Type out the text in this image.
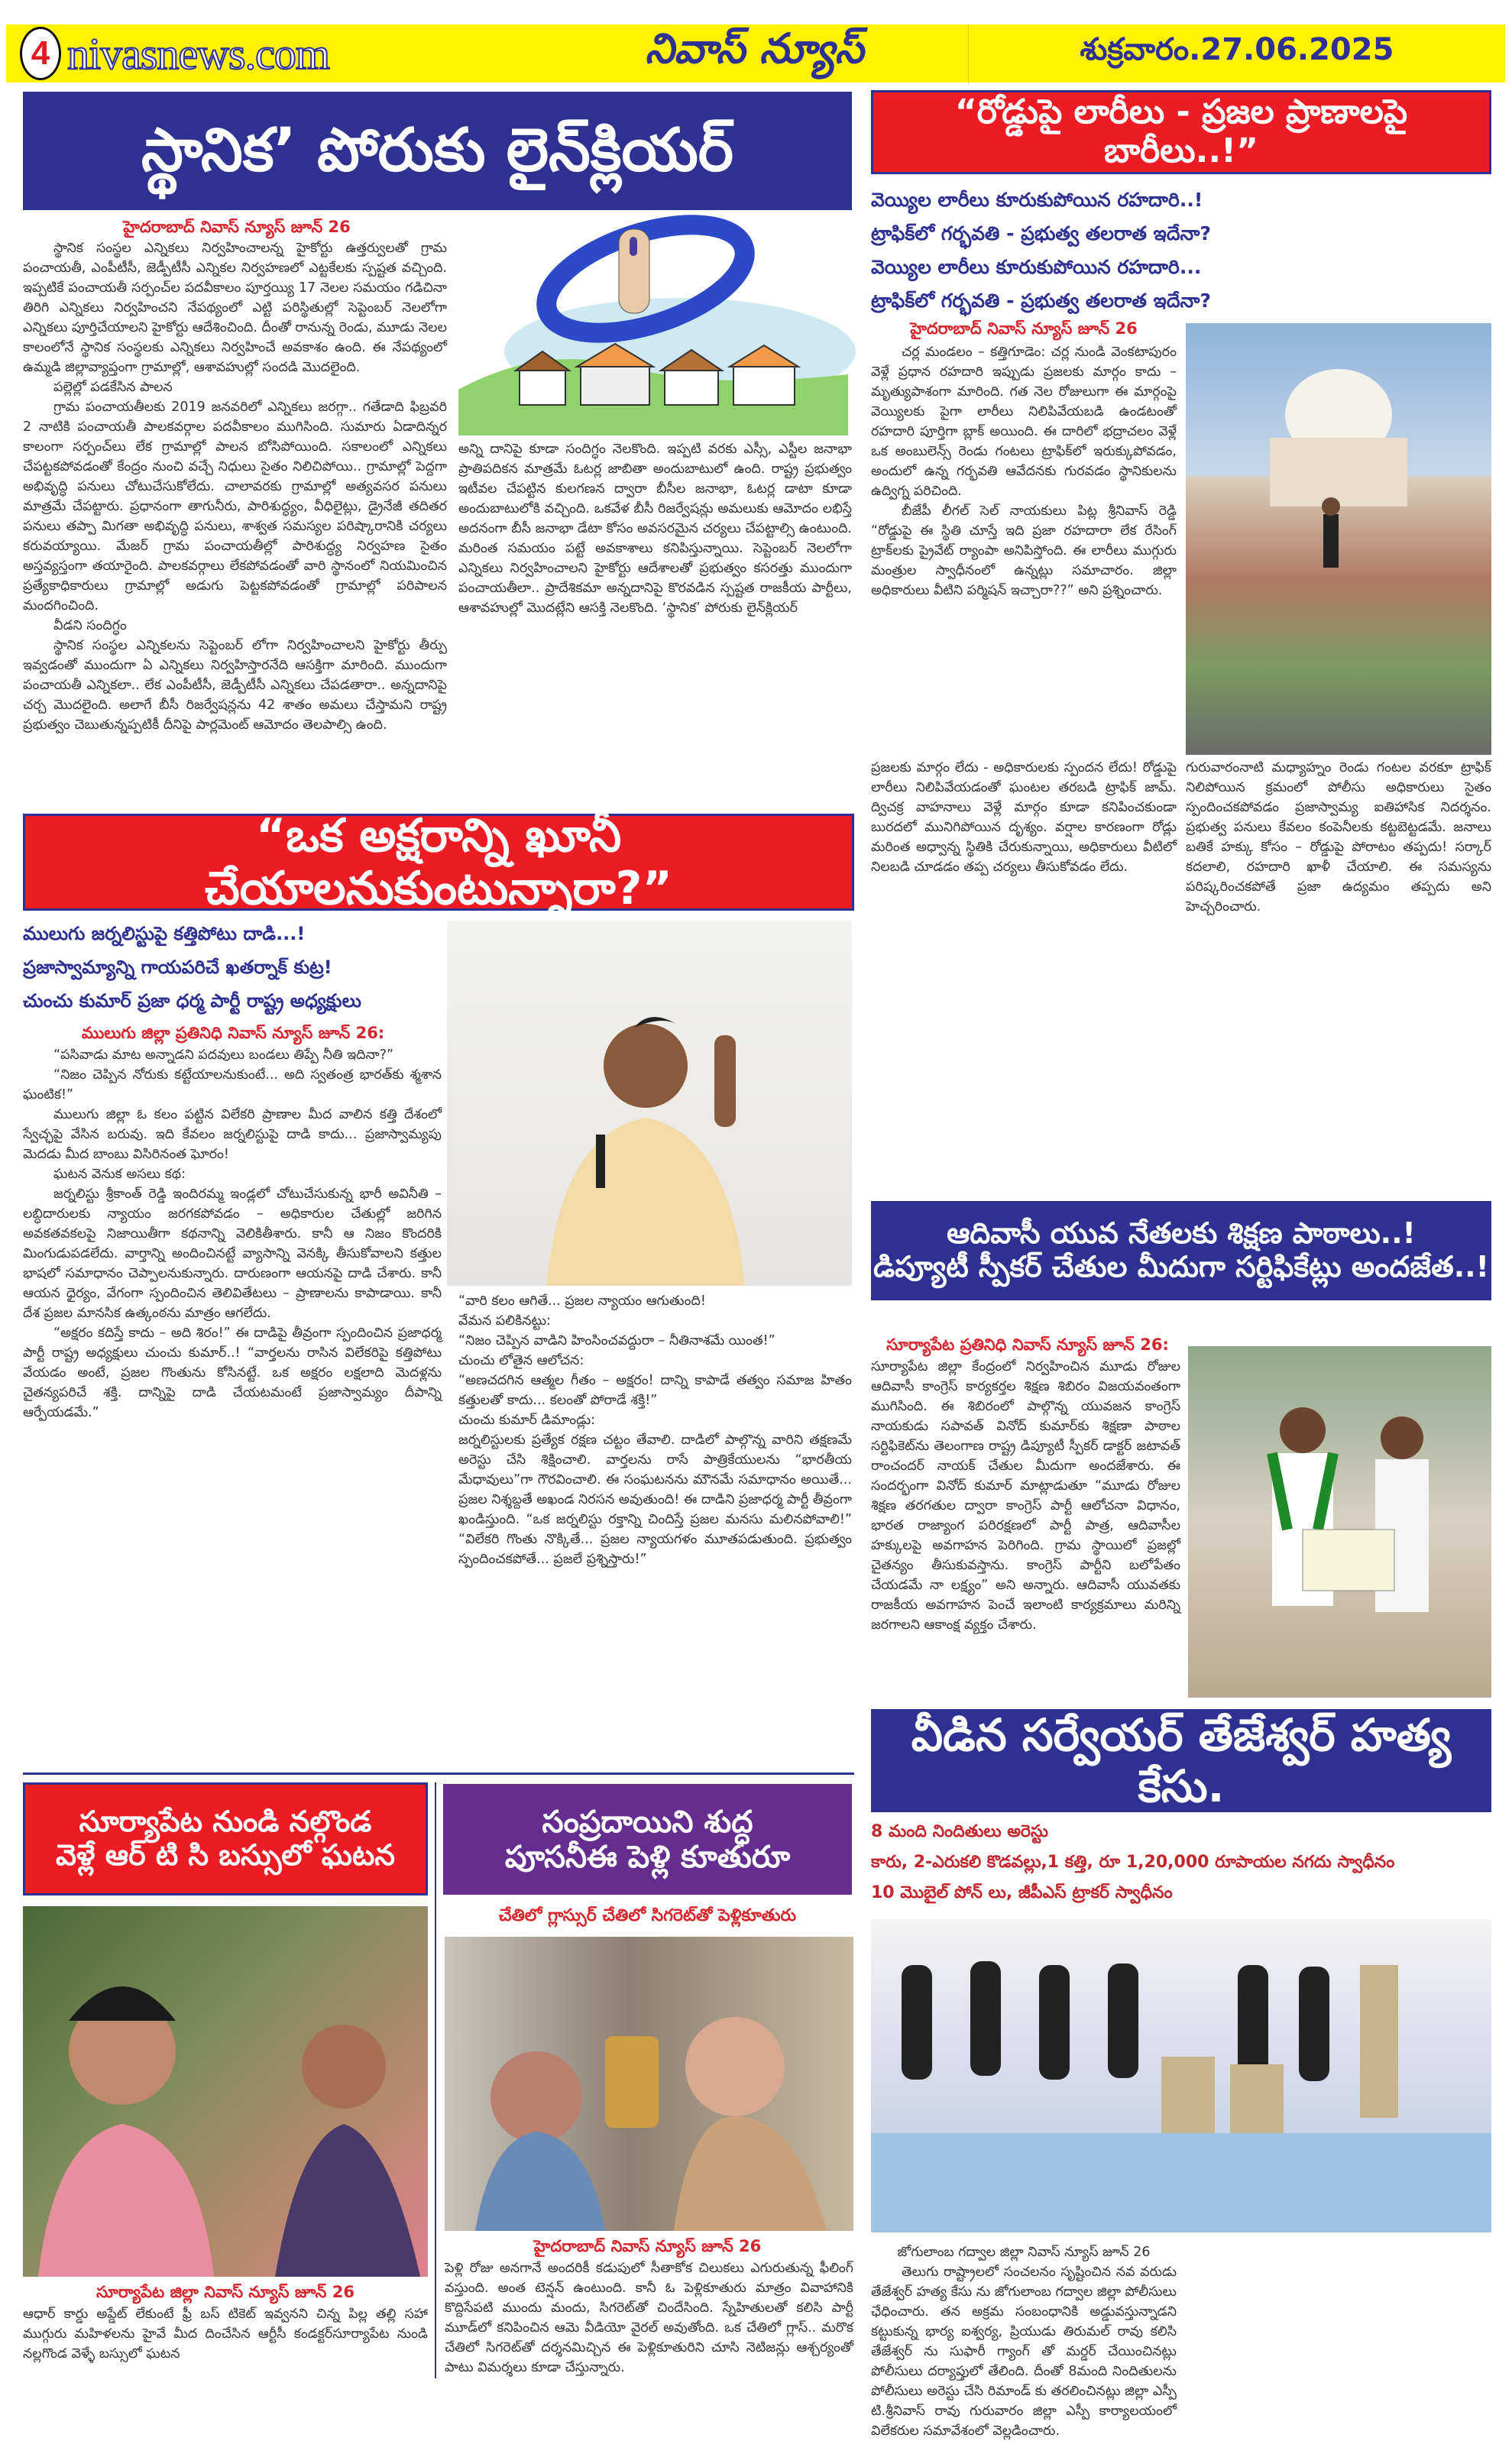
4 nivasnews.com	నివాస్ న్యూస్	శుక్రవారం.27.06.2025
స్థానిక’ పోరుకు లైన్‌క్లియర్
హైదరాబాద్ నివాస్ న్యూస్ జూన్ 26

స్థానిక సంస్థల ఎన్నికలు నిర్వహించాలన్న హైకోర్టు ఉత్తర్వులతో గ్రామ పంచాయతీ, ఎంపీటీసీ, జెడ్పీటీసీ ఎన్నికల నిర్వహణలో ఎట్టకేలకు స్పష్టత వచ్చింది. ఇప్పటికే పంచాయతీ సర్పంచ్‌ల పదవీకాలం పూర్తయ్యి 17 నెలల సమయం గడిచినా తిరిగి ఎన్నికలు నిర్వహించని నేపథ్యంలో ఎట్టి పరిస్థితుల్లో సెప్టెంబర్ నెలలోగా ఎన్నికలు పూర్తిచేయాలని హైకోర్టు ఆదేశించింది. దీంతో రానున్న రెండు, మూడు నెలల కాలంలోనే స్థానిక సంస్థలకు ఎన్నికలు నిర్వహించే అవకాశం ఉంది. ఈ నేపథ్యంలో ఉమ్మడి జిల్లావ్యాప్తంగా గ్రామాల్లో, ఆశావహుల్లో సందడి మొదలైంది.

పల్లెల్లో పడకేసిన పాలన

గ్రామ పంచాయతీలకు 2019 జనవరిలో ఎన్నికలు జరగ్గా.. గతేడాది ఫిబ్రవరి 2 నాటికి పంచాయతీ పాలకవర్గాల పదవీకాలం ముగిసింది. సుమారు ఏడాదిన్నర కాలంగా సర్పంచ్‌లు లేక గ్రామాల్లో పాలన బోసిపోయింది. సకాలంలో ఎన్నికలు చేపట్టకపోవడంతో కేంద్రం నుంచి వచ్చే నిధులు సైతం నిలిచిపోయి.. గ్రామాల్లో పెద్దగా అభివృద్ధి పనులు చోటుచేసుకోలేదు. చాలావరకు గ్రామాల్లో అత్యవసర పనులు మాత్రమే చేపట్టారు. ప్రధానంగా తాగునీరు, పారిశుద్ధ్యం, వీధిలైట్లు, డ్రైనేజీ తదితర పనులు తప్పా మిగతా అభివృద్ధి పనులు, శాశ్వత సమస్యల పరిష్కారానికి చర్యలు కరువయ్యాయి. మేజర్ గ్రామ పంచాయతీల్లో పారిశుద్ధ్య నిర్వహణ సైతం అస్తవ్యస్తంగా తయారైంది. పాలకవర్గాలు లేకపోవడంతో వారి స్థానంలో నియమించిన ప్రత్యేకాధికారులు గ్రామాల్లో అడుగు పెట్టకపోవడంతో గ్రామాల్లో పరిపాలన మందగించింది.

వీడని సందిగ్ధం

స్థానిక సంస్థల ఎన్నికలను సెప్టెంబర్ లోగా నిర్వహించాలని హైకోర్టు తీర్పు ఇవ్వడంతో ముందుగా ఏ ఎన్నికలు నిర్వహిస్తారనేది ఆసక్తిగా మారింది. ముందుగా పంచాయతీ ఎన్నికలా.. లేక ఎంపీటీసీ, జెడ్పీటీసీ ఎన్నికలు చేపడతారా.. అన్నదానిపై చర్చ మొదలైంది. అలాగే బీసీ రిజర్వేషన్లను 42 శాతం అమలు చేస్తామని రాష్ట్ర ప్రభుత్వం చెబుతున్నప్పటికీ దీనిపై పార్లమెంట్ ఆమోదం తెలపాల్సి ఉంది.

అన్ని దానిపై కూడా సందిగ్ధం నెలకొంది. ఇప్పటి వరకు ఎస్సీ, ఎస్టీల జనాభా ప్రాతిపదికన మాత్రమే ఓటర్ల జాబితా అందుబాటులో ఉంది. రాష్ట్ర ప్రభుత్వం ఇటీవల చేపట్టిన కులగణన ద్వారా బీసీల జనాభా, ఓటర్ల డాటా కూడా అందుబాటులోకి వచ్చింది. ఒకవేళ బీసీ రిజర్వేషన్లు అమలుకు ఆమోదం లభిస్తే అదనంగా బీసీ జనాభా డేటా కోసం అవసరమైన చర్యలు చేపట్టాల్సి ఉంటుంది. మరింత సమయం పట్టే అవకాశాలు కనిపిస్తున్నాయి. సెప్టెంబర్ నెలలోగా ఎన్నికలు నిర్వహించాలని హైకోర్టు ఆదేశాలతో ప్రభుత్వం కసరత్తు ముందుగా పంచాయతీలా.. ప్రాదేశికమా అన్నదానిపై కొరవడిన స్పష్టత రాజకీయ పార్టీలు, ఆశావహుల్లో మొదట్లేని ఆసక్తి నెలకొంది. ‘స్థానిక’ పోరుకు లైన్‌క్లియర్
“రోడ్డుపై లారీలు - ప్రజల ప్రాణాలపై బారీలు..!”
వెయ్యిల లారీలు కూరుకుపోయిన రహదారి..!
ట్రాఫిక్‌లో గర్భవతి - ప్రభుత్వ తలరాత ఇదేనా?
వెయ్యిల లారీలు కూరుకుపోయిన రహదారి...
ట్రాఫిక్‌లో గర్భవతి - ప్రభుత్వ తలరాత ఇదేనా?
హైదరాబాద్ నివాస్ న్యూస్ జూన్ 26

చర్ల మండలం – కత్తిగూడెం: చర్ల నుండి వెంకటాపురం వెళ్లే ప్రధాన రహదారి ఇప్పుడు ప్రజలకు మార్గం కాదు – మృత్యుపాశంగా మారింది. గత నెల రోజులుగా ఈ మార్గంపై వెయ్యిలకు పైగా లారీలు నిలిపివేయబడి ఉండటంతో రహదారి పూర్తిగా బ్లాక్ అయింది. ఈ దారిలో భద్రాచలం వెళ్లే ఒక అంబులెన్స్ రెండు గంటలు ట్రాఫిక్‌లో ఇరుక్కుపోవడం, అందులో ఉన్న గర్భవతి ఆవేదనకు గురవడం స్థానికులను ఉద్విగ్న పరిచింది.

బీజేపీ లీగల్ సెల్ నాయకులు పిట్ల శ్రీనివాస్ రెడ్డి “రోడ్డుపై ఈ స్థితి చూస్తే ఇది ప్రజా రహదారా లేక రేసింగ్ ట్రాక్‌లకు ప్రైవేట్ ర్యాంపా అనిపిస్తోంది. ఈ లారీలు ముగ్గురు మంత్రుల స్వాధీనంలో ఉన్నట్లు సమాచారం. జిల్లా అధికారులు వీటిని పర్మిషన్ ఇచ్చారా??” అని ప్రశ్నించారు.

ప్రజలకు మార్గం లేదు - అధికారులకు స్పందన లేదు! రోడ్డుపై లారీలు నిలిపివేయడంతో ఘంటల తరబడి ట్రాఫిక్ జామ్. ద్విచక్ర వాహనాలు వెళ్లే మార్గం కూడా కనిపించకుండా బురదలో మునిగిపోయిన దృశ్యం. వర్షాల కారణంగా రోడ్లు మరింత అధ్వాన్న స్థితికి చేరుకున్నాయి, అధికారులు వీటిలో నిలబడి చూడడం తప్ప చర్యలు తీసుకోవడం లేదు.
గురువారంనాటి మధ్యాహ్నం రెండు గంటల వరకూ ట్రాఫిక్ నిలిపోయిన క్రమంలో పోలీసు అధికారులు సైతం స్పందించకపోవడం ప్రజాస్వామ్య ఐతిహాసిక నిదర్శనం. ప్రభుత్వ పనులు కేవలం కంపెనీలకు కట్టబెట్టడమే. జనాలు బతికే హక్కు కోసం – రోడ్డుపై పోరాటం తప్పదు! సర్కార్ కదలాలి, రహదారి ఖాళీ చేయాలి. ఈ సమస్యను పరిష్కరించకపోతే ప్రజా ఉద్యమం తప్పదు అని హెచ్చరించారు.
“ఒక అక్షరాన్ని ఖూనీ చేయాలనుకుంటున్నారా?”
ములుగు జర్నలిస్టుపై కత్తిపోటు దాడి...!
ప్రజాస్వామ్యాన్ని గాయపరిచే ఖతర్నాక్ కుట్ర!
చుంచు కుమార్ ప్రజా ధర్మ పార్టీ రాష్ట్ర అధ్యక్షులు
ములుగు జిల్లా ప్రతినిధి నివాస్ న్యూస్ జూన్ 26:

“పసివాడు మాట అన్నాడని పదవులు బండలు తిప్పే నీతి ఇదినా?”

“నిజం చెప్పిన నోరుకు కట్టేయాలనుకుంటే... అది స్వతంత్ర భారత్‌కు శ్మశాన ఘంటిక!”

ములుగు జిల్లా ఓ కలం పట్టిన విలేకరి ప్రాణాల మీద వాలిన కత్తి దేశంలో స్వేచ్ఛపై వేసిన బరువు. ఇది కేవలం జర్నలిస్టుపై దాడి కాదు... ప్రజాస్వామ్యపు మెదడు మీద బాంబు విసిరినంత ఘోరం!

ఘటన వెనుక అసలు కథ:

జర్నలిస్టు శ్రీకాంత్ రెడ్డి ఇందిరమ్మ ఇండ్లలో చోటుచేసుకున్న భారీ అవినీతి – లబ్ధిదారులకు న్యాయం జరగకపోవడం – అధికారుల చేతుల్లో జరిగిన అవకతవకలపై నిజాయితీగా కథనాన్ని వెలికితీశారు. కానీ ఆ నిజం కొందరికి మింగుడుపడలేదు. వార్తాన్ని అందించినట్టే వ్యాసాన్ని వెనక్కి తీసుకోవాలని కత్తుల భాషలో సమాధానం చెప్పాలనుకున్నారు. దారుణంగా ఆయనపై దాడి చేశారు. కానీ ఆయన ధైర్యం, వేగంగా స్పందించిన తెలివితేటలు – ప్రాణాలను కాపాడాయి. కానీ దేశ ప్రజల మానసిక ఉత్కంఠను మాత్రం ఆగలేదు.

“అక్షరం కదిస్తే కాదు – అది శిరం!” ఈ దాడిపై తీవ్రంగా స్పందించిన ప్రజాధర్మ పార్టీ రాష్ట్ర అధ్యక్షులు చుంచు కుమార్..! “వార్తలను రాసిన విలేకరిపై కత్తిపోటు వేయడం అంటే, ప్రజల గొంతును కోసినట్టే. ఒక అక్షరం లక్షలాది మెదళ్లను చైతన్యపరిచే శక్తి. దాన్నిపై దాడి చేయటమంటే ప్రజాస్వామ్యం దీపాన్ని ఆర్పేయడమే.”

“వారి కలం ఆగితే... ప్రజల న్యాయం ఆగుతుంది!
వేమన పలికినట్టు:
“నిజం చెప్పిన వాడిని హింసించవద్దురా – నీతినాశమే యింత!”
చుంచు లోతైన ఆలోచన:
“అణచదగిన ఆత్మల గీతం – అక్షరం! దాన్ని కాపాడే తత్వం సమాజ హితం కత్తులతో కాదు... కలంతో పోరాడే శక్తి!”
చుంచు కుమార్ డిమాండ్లు:
జర్నలిస్టులకు ప్రత్యేక రక్షణ చట్టం తేవాలి. దాడిలో పాల్గొన్న వారిని తక్షణమే అరెస్టు చేసి శిక్షించాలి. వార్తలను రాసే పాత్రికేయులను “భారతీయ మేధావులు”గా గౌరవించాలి. ఈ సంఘటనను మౌనమే సమాధానం అయితే... ప్రజల నిశ్శబ్దతే అఖండ నిరసన అవుతుంది! ఈ దాడిని ప్రజాధర్మ పార్టీ తీవ్రంగా ఖండిస్తుంది. “ఒక జర్నలిస్టు రక్తాన్ని చిందిస్తే ప్రజల మనసు మలినపోవాలి!” “విలేకరి గొంతు నొక్కితే... ప్రజల న్యాయగళం మూతపడుతుంది. ప్రభుత్వం స్పందించకపోతే... ప్రజలే ప్రశ్నిస్తారు!”
ఆదివాసీ యువ నేతలకు శిక్షణ పాఠాలు..!
డిప్యూటీ స్పీకర్ చేతుల మీదుగా సర్టిఫికేట్లు అందజేత..!
సూర్యాపేట ప్రతినిధి నివాస్ న్యూస్ జూన్ 26:
సూర్యాపేట జిల్లా కేంద్రంలో నిర్వహించిన మూడు రోజుల ఆదివాసీ కాంగ్రెస్ కార్యకర్తల శిక్షణ శిబిరం విజయవంతంగా ముగిసింది. ఈ శిబిరంలో పాల్గొన్న యువజన కాంగ్రెస్ నాయకుడు సపావత్ వినోద్ కుమార్‌కు శిక్షణా పాఠాల సర్టిఫికెట్‌ను తెలంగాణ రాష్ట్ర డిప్యూటీ స్పీకర్ డాక్టర్ జటావత్ రాంచందర్ నాయక్ చేతుల మీదుగా అందజేశారు. ఈ సందర్భంగా వినోద్ కుమార్ మాట్లాడుతూ “మూడు రోజుల శిక్షణ తరగతుల ద్వారా కాంగ్రెస్ పార్టీ ఆలోచనా విధానం, భారత రాజ్యాంగ పరిరక్షణలో పార్టీ పాత్ర, ఆదివాసీల హక్కులపై అవగాహన పెరిగింది. గ్రామ స్థాయిలో ప్రజల్లో చైతన్యం తీసుకువస్తాను. కాంగ్రెస్ పార్టీని బలోపేతం చేయడమే నా లక్ష్యం” అని అన్నారు. ఆదివాసీ యువతకు రాజకీయ అవగాహన పెంచే ఇలాంటి కార్యక్రమాలు మరిన్ని జరగాలని ఆకాంక్ష వ్యక్తం చేశారు.
వీడిన సర్వేయర్ తేజేశ్వర్ హత్య కేసు.
8 మంది నిందితులు అరెస్టు
కారు, 2-ఎరుకలి కొడవల్లు,1 కత్తి, రూ 1,20,000 రూపాయల నగదు స్వాధీనం
10 మొబైల్ పోన్ లు, జీపీఎస్ ట్రాకర్ స్వాధీనం
జోగులాంబ గద్వాల జిల్లా నివాస్ న్యూస్ జూన్ 26

తెలుగు రాష్ట్రాలలో సంచలనం సృష్టించిన నవ వరుడు తేజేశ్వర్ హత్య కేసు ను జోగులాంబ గద్వాల జిల్లా పోలీసులు ఛేధించారు. తన అక్రమ సంబంధానికి అడ్డువస్తున్నాడని కట్టుకున్న భార్య ఐశ్వర్య, ప్రియుడు తిరుమల్ రావు కలిసి తేజేశ్వర్ ను సుఫారీ గ్యాంగ్ తో మర్డర్ చేయించినట్లు పోలీసులు దర్యాప్తులో తేలింది. దీంతో 8మంది నిందితులను పోలీసులు అరెస్టు చేసి రిమాండ్ కు తరలించినట్లు జిల్లా ఎస్పీ టి.శ్రీనివాస్ రావు గురువారం జిల్లా ఎస్పీ కార్యాలయంలో విలేకరుల సమావేశంలో వెల్లడించారు.

సూర్యాపేట నుండి నల్గొండ
వెళ్లే ఆర్ టి సి బస్సులో ఘటన
సూర్యాపేట జిల్లా నివాస్ న్యూస్ జూన్ 26
ఆధార్ కార్డు అప్డేట్ లేకుంటే ఫ్రీ బస్ టికెట్ ఇవ్వనని చిన్న పిల్ల తల్లి సహా ముగ్గురు మహిళలను హైవే మీద దించేసిన ఆర్టీసీ కండక్టర్‌సూర్యాపేట నుండి నల్లగొండ వెళ్ళే బస్సులో ఘటన
సంప్రదాయిని శుద్ధ
పూసనీఈ పెళ్లి కూతురూ
చేతిలో గ్లాస్సుర్ చేతిలో సిగరెట్‌తో పెళ్లికూతురు
హైదరాబాద్ నివాస్ న్యూస్ జూన్ 26
పెళ్లి రోజు అనగానే అందరికీ కడుపులో సీతాకోక చిలుకలు ఎగురుతున్న ఫీలింగ్ వస్తుంది. అంత టెన్షన్ ఉంటుంది. కానీ ఓ పెళ్లికూతురు మాత్రం వివాహానికి కొద్దిసేపటి ముందు మందు, సిగరెట్‌తో చిందేసింది. స్నేహితులతో కలిసి పార్టీ మూడ్‌లో కనిపించిన ఆమె వీడియో వైరల్ అవుతోంది. ఒక చేతిలో గ్లాస్.. మరొక చేతిలో సిగరెట్‌తో దర్శనమిచ్చిన ఈ పెళ్లికూతురిని చూసి నెటిజన్లు ఆశ్చర్యంతో పాటు విమర్శలు కూడా చేస్తున్నారు.
